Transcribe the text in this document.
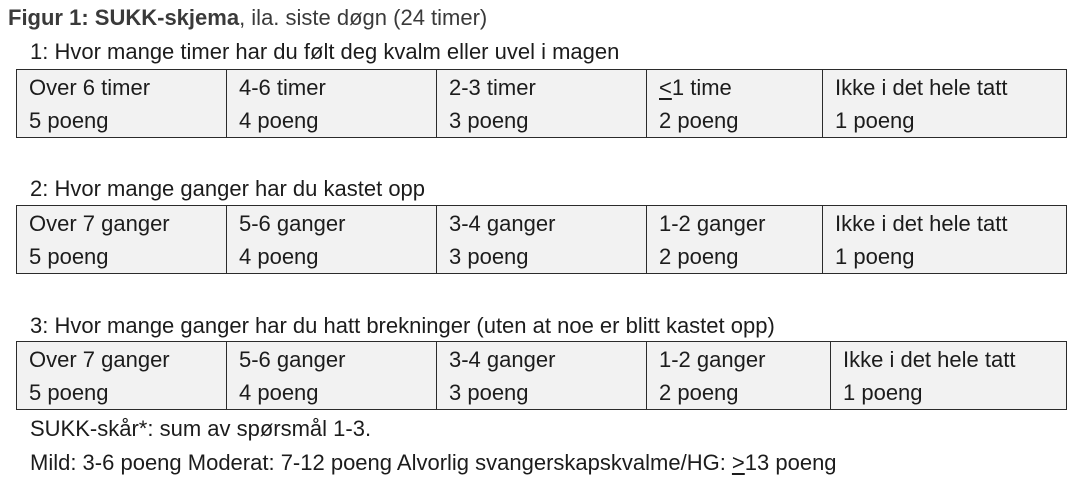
Figur 1: SUKK-skjema, ila. siste døgn (24 timer)
1: Hvor mange timer har du følt deg kvalm eller uvel i magen
Over 6 timer
5 poeng

4-6 timer
4 poeng

2-3 timer
3 poeng

≤1 time
2 poeng

Ikke i det hele tatt
1 poeng
2: Hvor mange ganger har du kastet opp
Over 7 ganger
5 poeng

5-6 ganger
4 poeng

3-4 ganger
3 poeng

1-2 ganger
2 poeng

Ikke i det hele tatt
1 poeng
3: Hvor mange ganger har du hatt brekninger (uten at noe er blitt kastet opp)
Over 7 ganger
5 poeng

5-6 ganger
4 poeng

3-4 ganger
3 poeng

1-2 ganger
2 poeng

Ikke i det hele tatt
1 poeng
SUKK-skår*: sum av spørsmål 1-3.
Mild: 3-6 poeng Moderat: 7-12 poeng Alvorlig svangerskapskvalme/HG: >13 poeng
